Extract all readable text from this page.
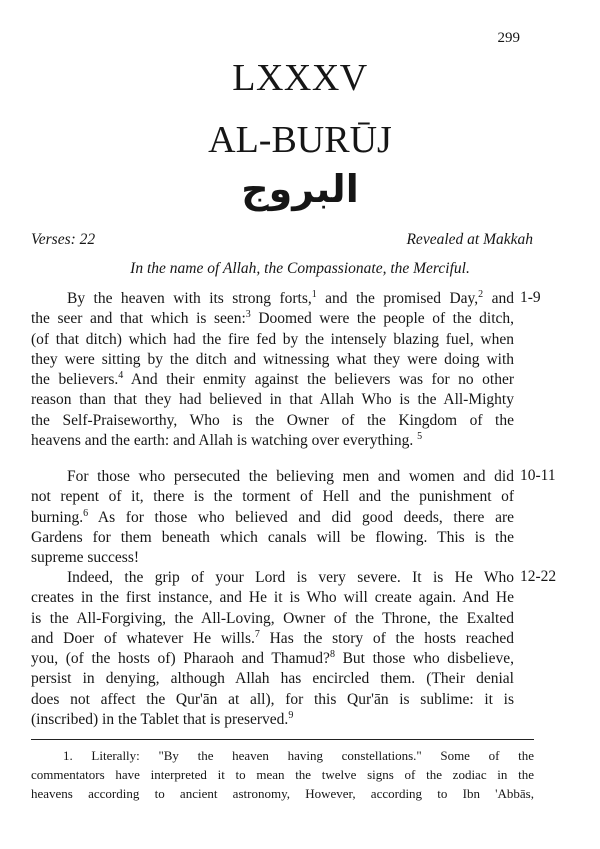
299
LXXXV
AL-BURŪJ
البروج
Verses: 22	Revealed at Makkah
In the name of Allah, the Compassionate, the Merciful.
By the heaven with its strong forts,$^1$ and the promised Day,$^2$ and
the seer and that which is seen:$^3$ Doomed were the people of the ditch,
(of that ditch) which had the fire fed by the intensely blazing fuel, when
they were sitting by the ditch and witnessing what they were doing with
the believers.$^4$ And their enmity against the believers was for no other
reason than that they had believed in that Allah Who is the All-Mighty
the Self-Praiseworthy, Who is the Owner of the Kingdom of the
heavens and the earth: and Allah is watching over everything. $^5$
1-9
For those who persecuted the believing men and women and did
not repent of it, there is the torment of Hell and the punishment of
burning.$^6$ As for those who believed and did good deeds, there are
Gardens for them beneath which canals will be flowing. This is the
supreme success!
10-11
Indeed, the grip of your Lord is very severe. It is He Who
creates in the first instance, and He it is Who will create again. And He
is the All-Forgiving, the All-Loving, Owner of the Throne, the Exalted
and Doer of whatever He wills.$^7$ Has the story of the hosts reached
you, (of the hosts of) Pharaoh and Thamud?$^8$ But those who disbelieve,
persist in denying, although Allah has encircled them. (Their denial
does not affect the Qur'ān at all), for this Qur'ān is sublime: it is
(inscribed) in the Tablet that is preserved.$^9$
12-22
1. Literally: "By the heaven having constellations." Some of the
commentators have interpreted it to mean the twelve signs of the zodiac in the
heavens according to ancient astronomy, However, according to Ibn 'Abbās,
